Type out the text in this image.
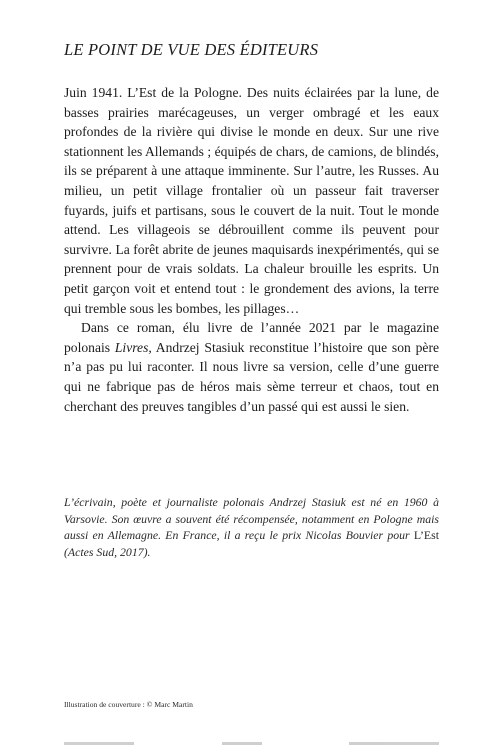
LE POINT DE VUE DES ÉDITEURS

Juin 1941. L’Est de la Pologne. Des nuits éclairées par la lune, de basses prairies marécageuses, un verger ombragé et les eaux profondes de la rivière qui divise le monde en deux. Sur une rive stationnent les Allemands ; équipés de chars, de camions, de blindés, ils se préparent à une attaque imminente. Sur l’autre, les Russes. Au milieu, un petit village frontalier où un passeur fait traverser fuyards, juifs et partisans, sous le couvert de la nuit. Tout le monde attend. Les villageois se débrouillent comme ils peuvent pour survivre. La forêt abrite de jeunes maquisards inexpérimentés, qui se prennent pour de vrais soldats. La chaleur brouille les esprits. Un petit garçon voit et entend tout : le grondement des avions, la terre qui tremble sous les bombes, les pillages…

Dans ce roman, élu livre de l’année 2021 par le magazine polonais Livres, Andrzej Stasiuk reconstitue l’histoire que son père n’a pas pu lui raconter. Il nous livre sa version, celle d’une guerre qui ne fabrique pas de héros mais sème terreur et chaos, tout en cherchant des preuves tangibles d’un passé qui est aussi le sien.

L’écrivain, poète et journaliste polonais Andrzej Stasiuk est né en 1960 à Varsovie. Son œuvre a souvent été récompensée, notamment en Pologne mais aussi en Allemagne. En France, il a reçu le prix Nicolas Bouvier pour L’Est (Actes Sud, 2017).
Illustration de couverture : © Marc Martin
